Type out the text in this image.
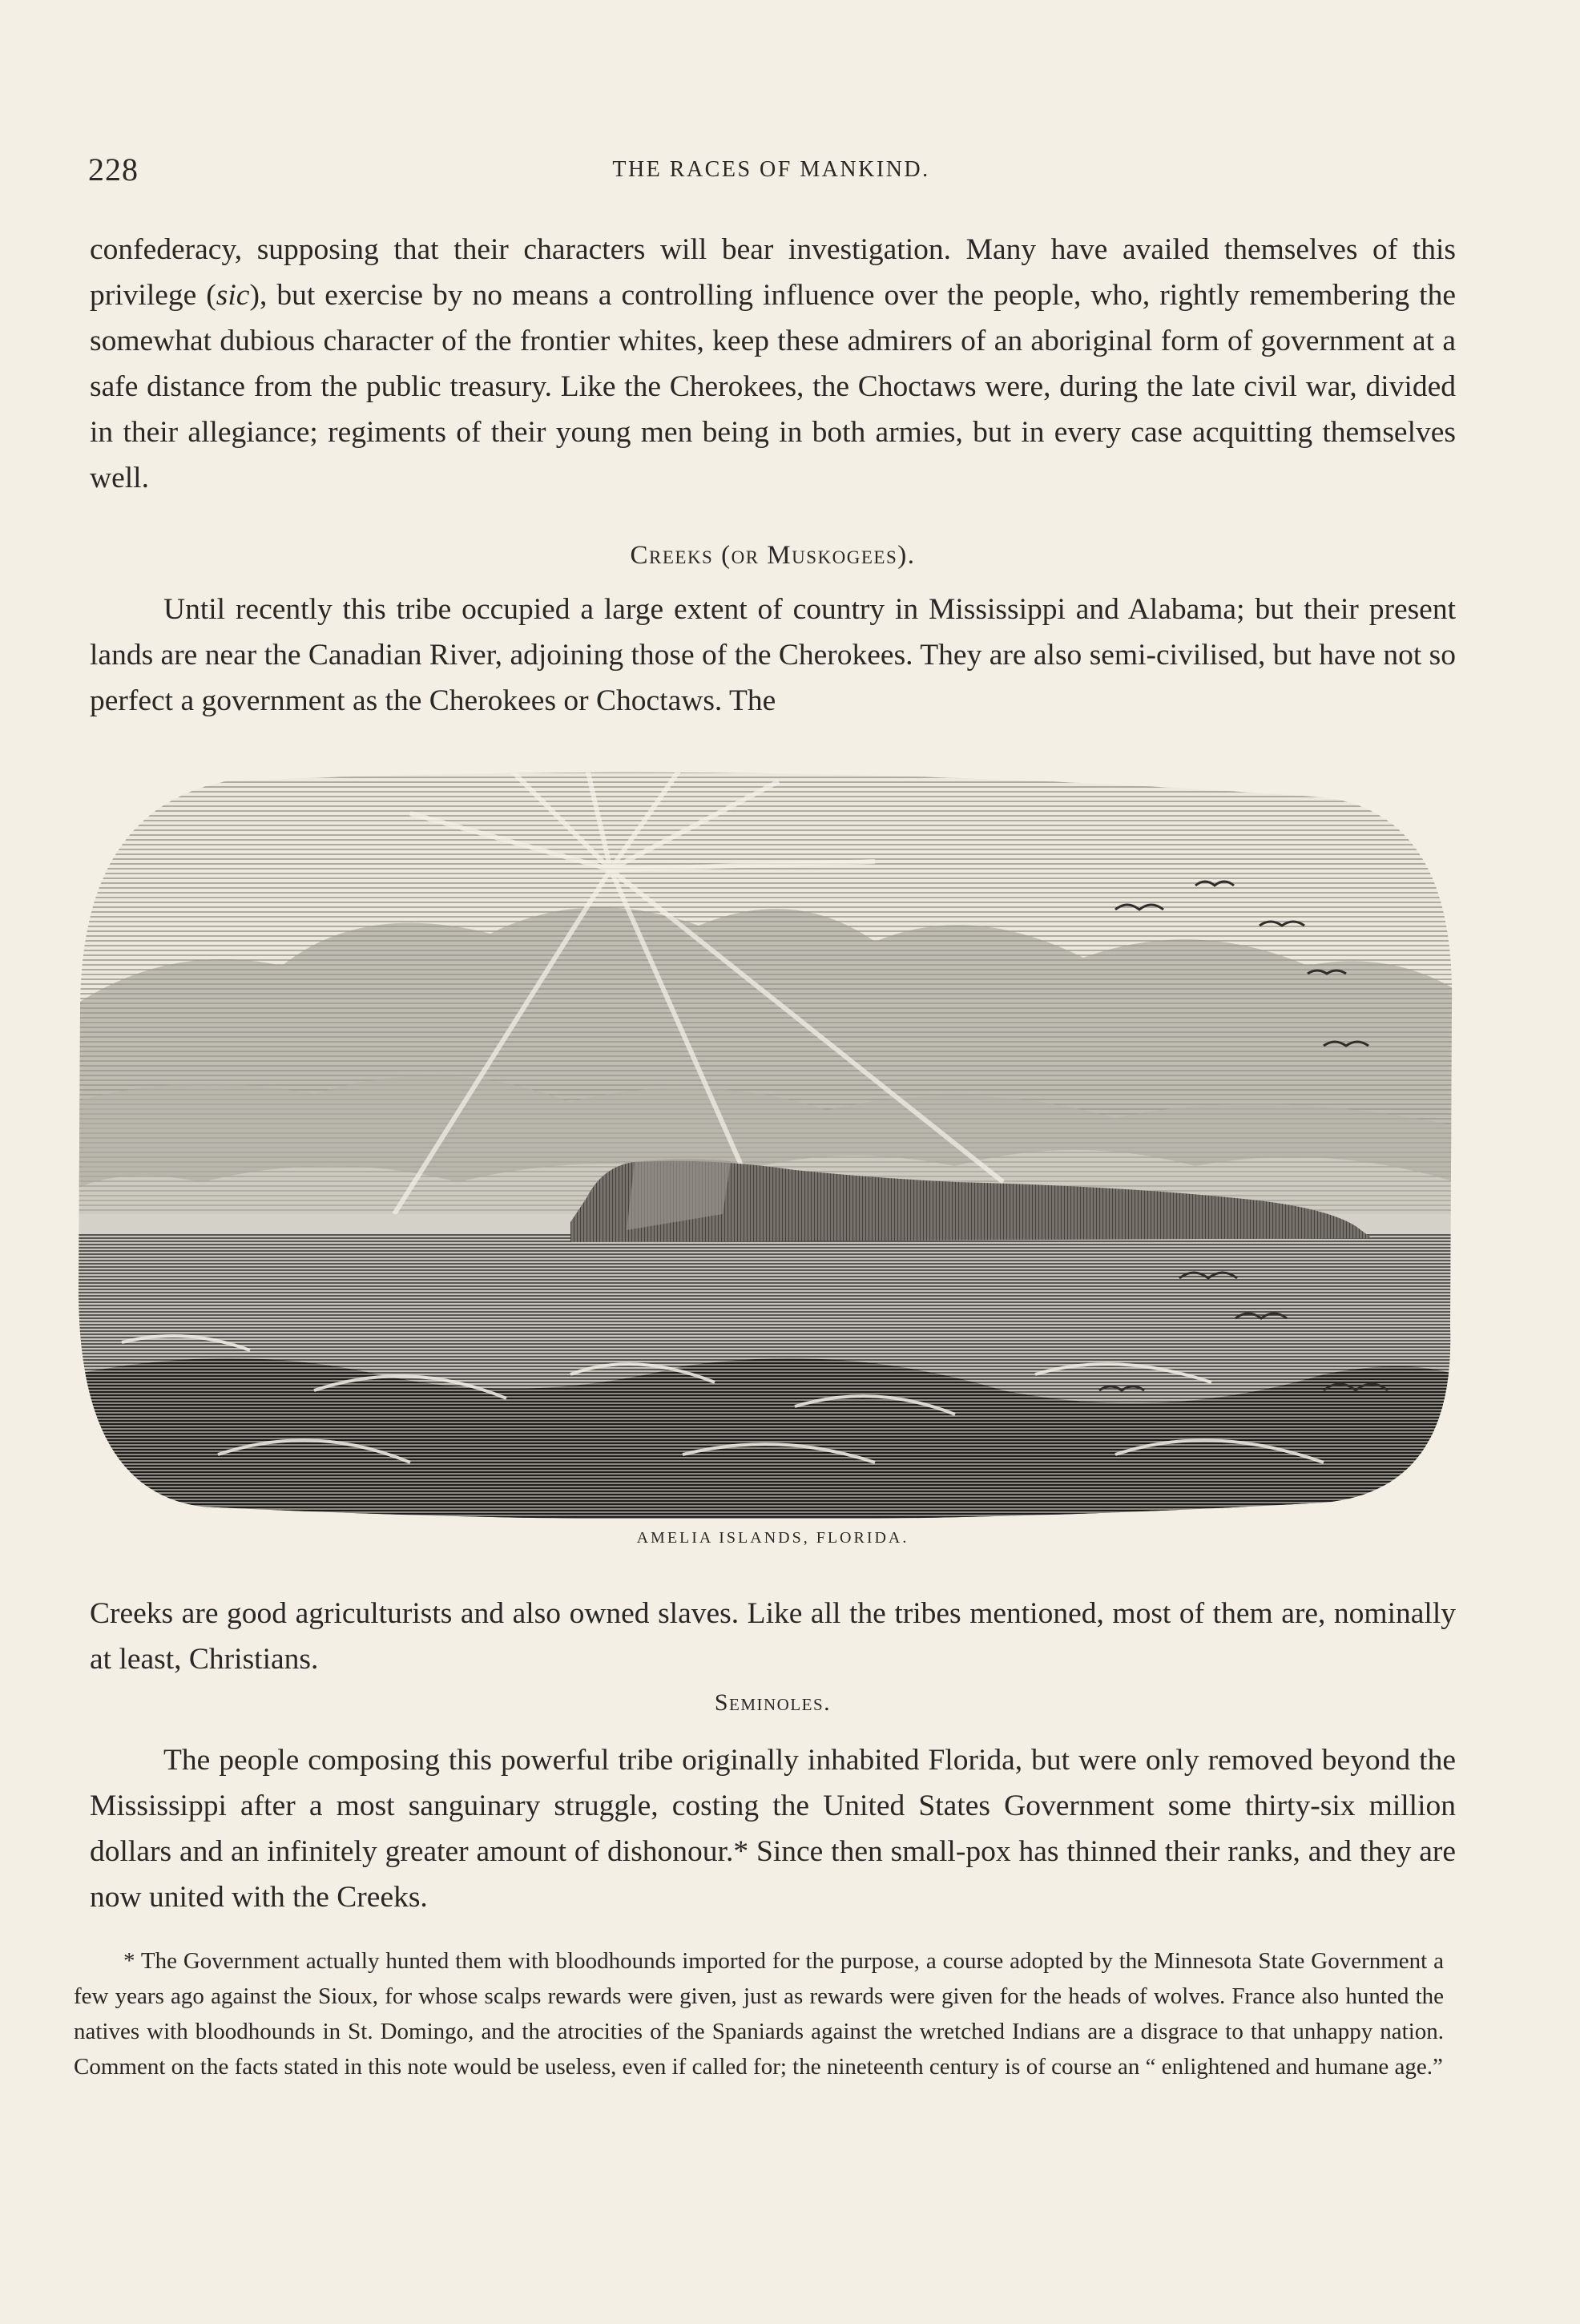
228	THE RACES OF MANKIND.

confederacy, supposing that their characters will bear investigation. Many have availed themselves of this privilege (sic), but exercise by no means a controlling influence over the people, who, rightly remembering the somewhat dubious character of the frontier whites, keep these admirers of an aboriginal form of government at a safe distance from the public treasury. Like the Cherokees, the Choctaws were, during the late civil war, divided in their allegiance; regiments of their young men being in both armies, but in every case acquitting themselves well.

Creeks (or Muskogees).

Until recently this tribe occupied a large extent of country in Mississippi and Alabama; but their present lands are near the Canadian River, adjoining those of the Cherokees. They are also semi-civilised, but have not so perfect a government as the Cherokees or Choctaws. The

AMELIA ISLANDS, FLORIDA.

Creeks are good agriculturists and also owned slaves. Like all the tribes mentioned, most of them are, nominally at least, Christians.

Seminoles.

The people composing this powerful tribe originally inhabited Florida, but were only removed beyond the Mississippi after a most sanguinary struggle, costing the United States Government some thirty-six million dollars and an infinitely greater amount of dishonour.* Since then small-pox has thinned their ranks, and they are now united with the Creeks.

* The Government actually hunted them with bloodhounds imported for the purpose, a course adopted by the Minnesota State Government a few years ago against the Sioux, for whose scalps rewards were given, just as rewards were given for the heads of wolves. France also hunted the natives with bloodhounds in St. Domingo, and the atrocities of the Spaniards against the wretched Indians are a disgrace to that unhappy nation. Comment on the facts stated in this note would be useless, even if called for; the nineteenth century is of course an “ enlightened and humane age.”
